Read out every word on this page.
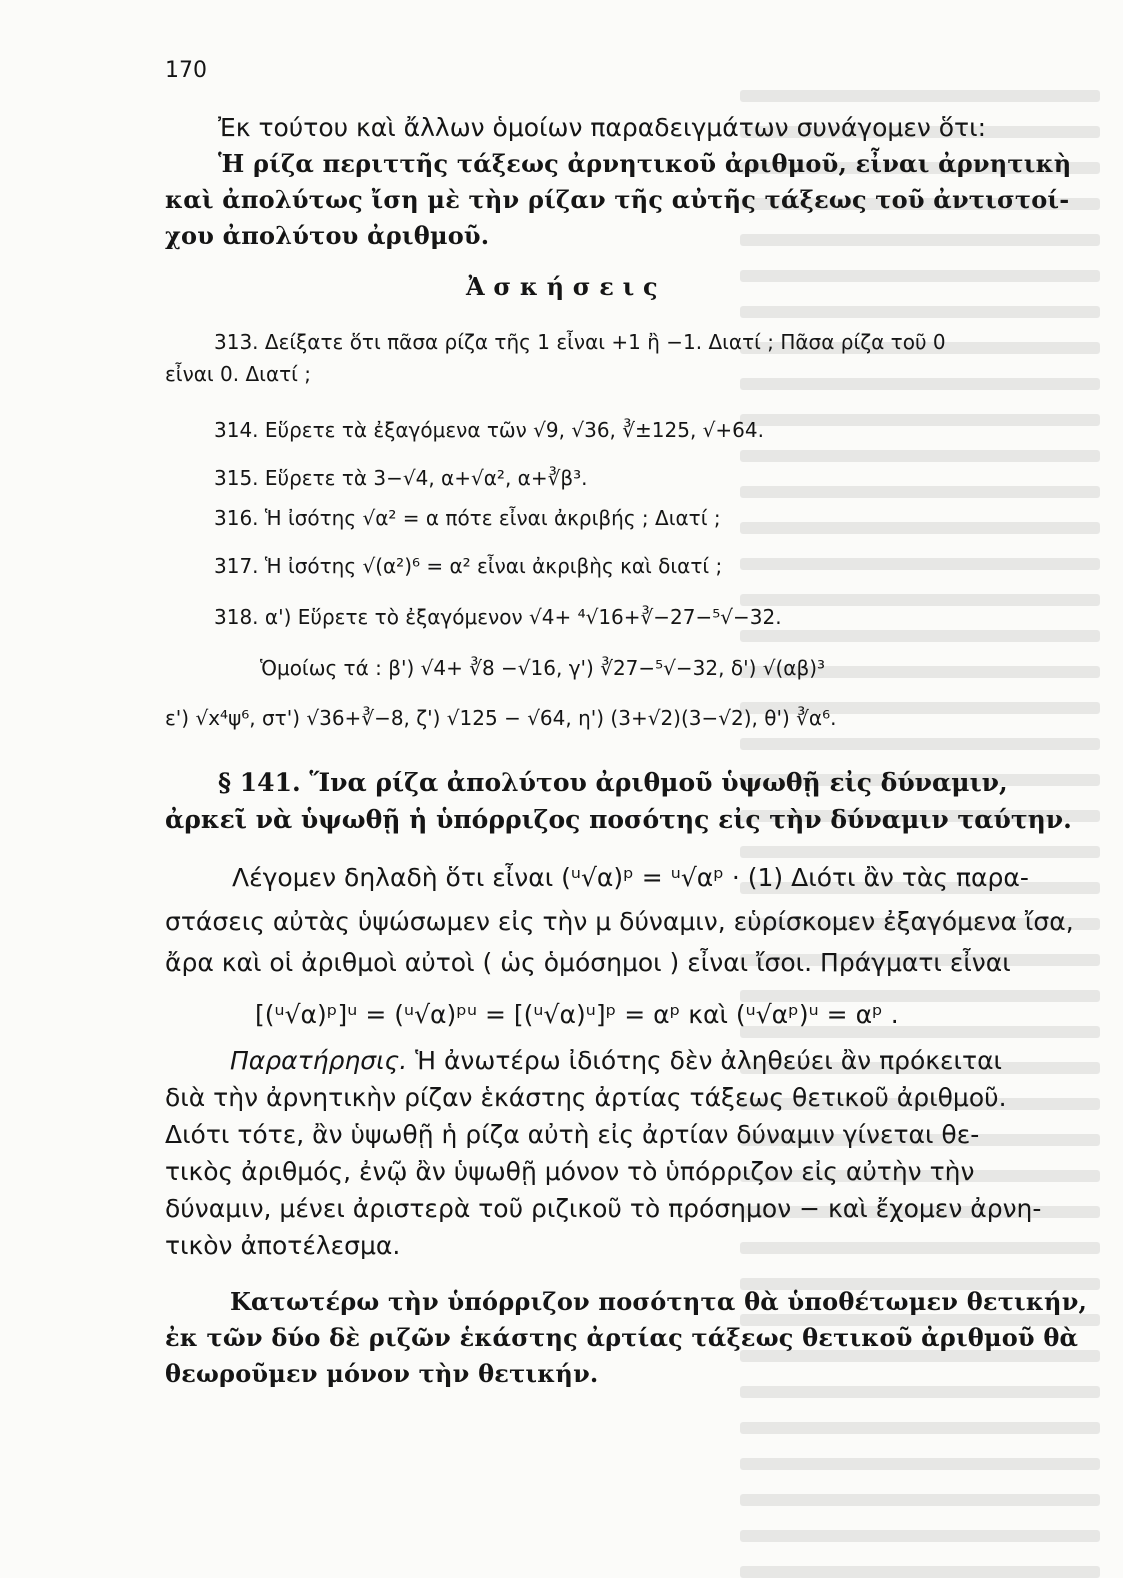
170
Ἐκ τούτου καὶ ἄλλων ὁμοίων παραδειγμάτων συνάγομεν ὅτι:
Ἡ ρίζα περιττῆς τάξεως ἀρνητικοῦ ἀριθμοῦ, εἶναι ἀρνητικὴ
καὶ ἀπολύτως ἴση μὲ τὴν ρίζαν τῆς αὐτῆς τάξεως τοῦ ἀντιστοί-
χου ἀπολύτου ἀριθμοῦ.
Ἀ σ κ ή σ ε ι ς
313. Δείξατε ὅτι πᾶσα ρίζα τῆς 1 εἶναι +1 ἢ −1. Διατί ; Πᾶσα ρίζα τοῦ 0
εἶναι 0. Διατί ;
314. Εὕρετε τὰ ἐξαγόμενα τῶν √9, √36, ∛±125, √+64.
315. Εὕρετε τὰ 3−√4, α+√α², α+∛β³.
316. Ἡ ἰσότης √α² = α πότε εἶναι ἀκριβής ; Διατί ;
317. Ἡ ἰσότης √(α²)⁶ = α² εἶναι ἀκριβὴς καὶ διατί ;
318. α') Εὕρετε τὸ ἐξαγόμενον √4+ ⁴√16+∛−27−⁵√−32.
Ὁμοίως τά : β') √4+ ∛8 −√16, γ') ∛27−⁵√−32, δ') √(αβ)³
ε') √x⁴ψ⁶, στ') √36+∛−8, ζ') √125 − √64, η') (3+√2)(3−√2), θ') ∛α⁶.
§ 141. Ἵνα ρίζα ἀπολύτου ἀριθμοῦ ὑψωθῇ εἰς δύναμιν,
ἀρκεῖ νὰ ὑψωθῇ ἡ ὑπόρριζος ποσότης εἰς τὴν δύναμιν ταύτην.
Λέγομεν δηλαδὴ ὅτι εἶναι (ᵘ√α)ᵖ = ᵘ√αᵖ · (1) Διότι ἂν τὰς παρα-
στάσεις αὐτὰς ὑψώσωμεν εἰς τὴν μ δύναμιν, εὑρίσκομεν ἐξαγόμενα ἴσα,
ἄρα καὶ οἱ ἀριθμοὶ αὐτοὶ ( ὡς ὁμόσημοι ) εἶναι ἴσοι. Πράγματι εἶναι
[(ᵘ√α)ᵖ]ᵘ = (ᵘ√α)ᵖᵘ = [(ᵘ√α)ᵘ]ᵖ = αᵖ καὶ (ᵘ√αᵖ)ᵘ = αᵖ .
Παρατήρησις. Ἡ ἀνωτέρω ἰδιότης δὲν ἀληθεύει ἂν πρόκειται
διὰ τὴν ἀρνητικὴν ρίζαν ἑκάστης ἀρτίας τάξεως θετικοῦ ἀριθμοῦ.
Διότι τότε, ἂν ὑψωθῇ ἡ ρίζα αὐτὴ εἰς ἀρτίαν δύναμιν γίνεται θε-
τικὸς ἀριθμός, ἐνῷ ἂν ὑψωθῇ μόνον τὸ ὑπόρριζον εἰς αὐτὴν τὴν
δύναμιν, μένει ἀριστερὰ τοῦ ριζικοῦ τὸ πρόσημον − καὶ ἔχομεν ἀρνη-
τικὸν ἀποτέλεσμα.
Κατωτέρω τὴν ὑπόρριζον ποσότητα θὰ ὑποθέτωμεν θετικήν,
ἐκ τῶν δύο δὲ ριζῶν ἑκάστης ἀρτίας τάξεως θετικοῦ ἀριθμοῦ θὰ
θεωροῦμεν μόνον τὴν θετικήν.
